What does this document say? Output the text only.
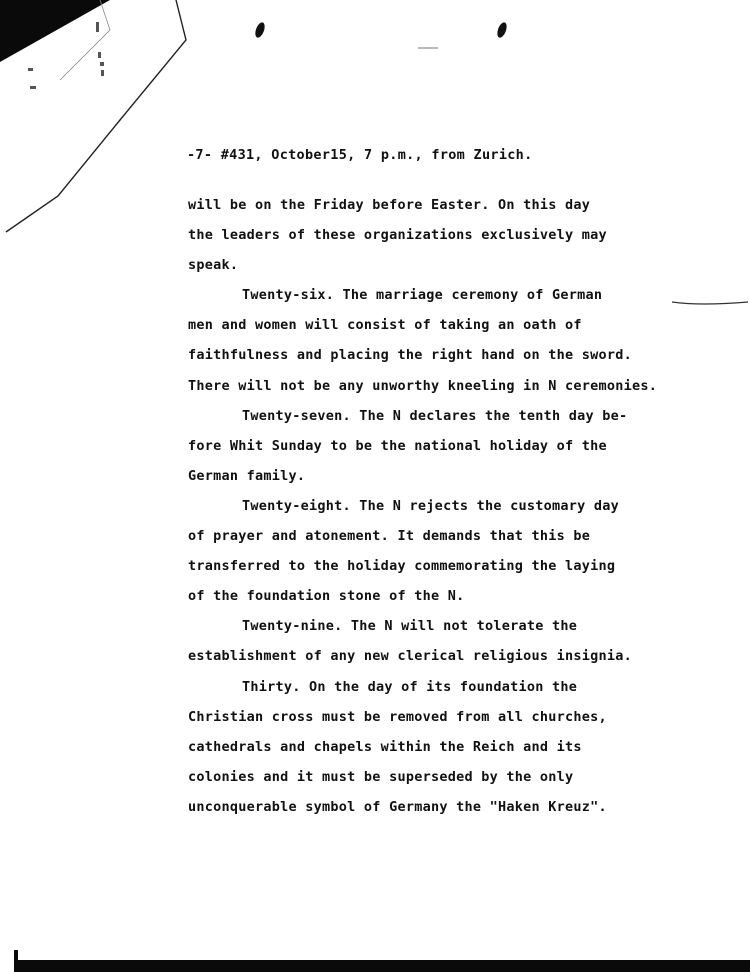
-7- #431, October15, 7 p.m., from Zurich.
will be on the Friday before Easter. On this day
the leaders of these organizations exclusively may
speak.
Twenty-six. The marriage ceremony of German
men and women will consist of taking an oath of
faithfulness and placing the right hand on the sword.
There will not be any unworthy kneeling in N ceremonies.
Twenty-seven. The N declares the tenth day be-
fore Whit Sunday to be the national holiday of the
German family.
Twenty-eight. The N rejects the customary day
of prayer and atonement. It demands that this be
transferred to the holiday commemorating the laying
of the foundation stone of the N.
Twenty-nine. The N will not tolerate the
establishment of any new clerical religious insignia.
Thirty. On the day of its foundation the
Christian cross must be removed from all churches,
cathedrals and chapels within the Reich and its
colonies and it must be superseded by the only
unconquerable symbol of Germany the "Haken Kreuz".
